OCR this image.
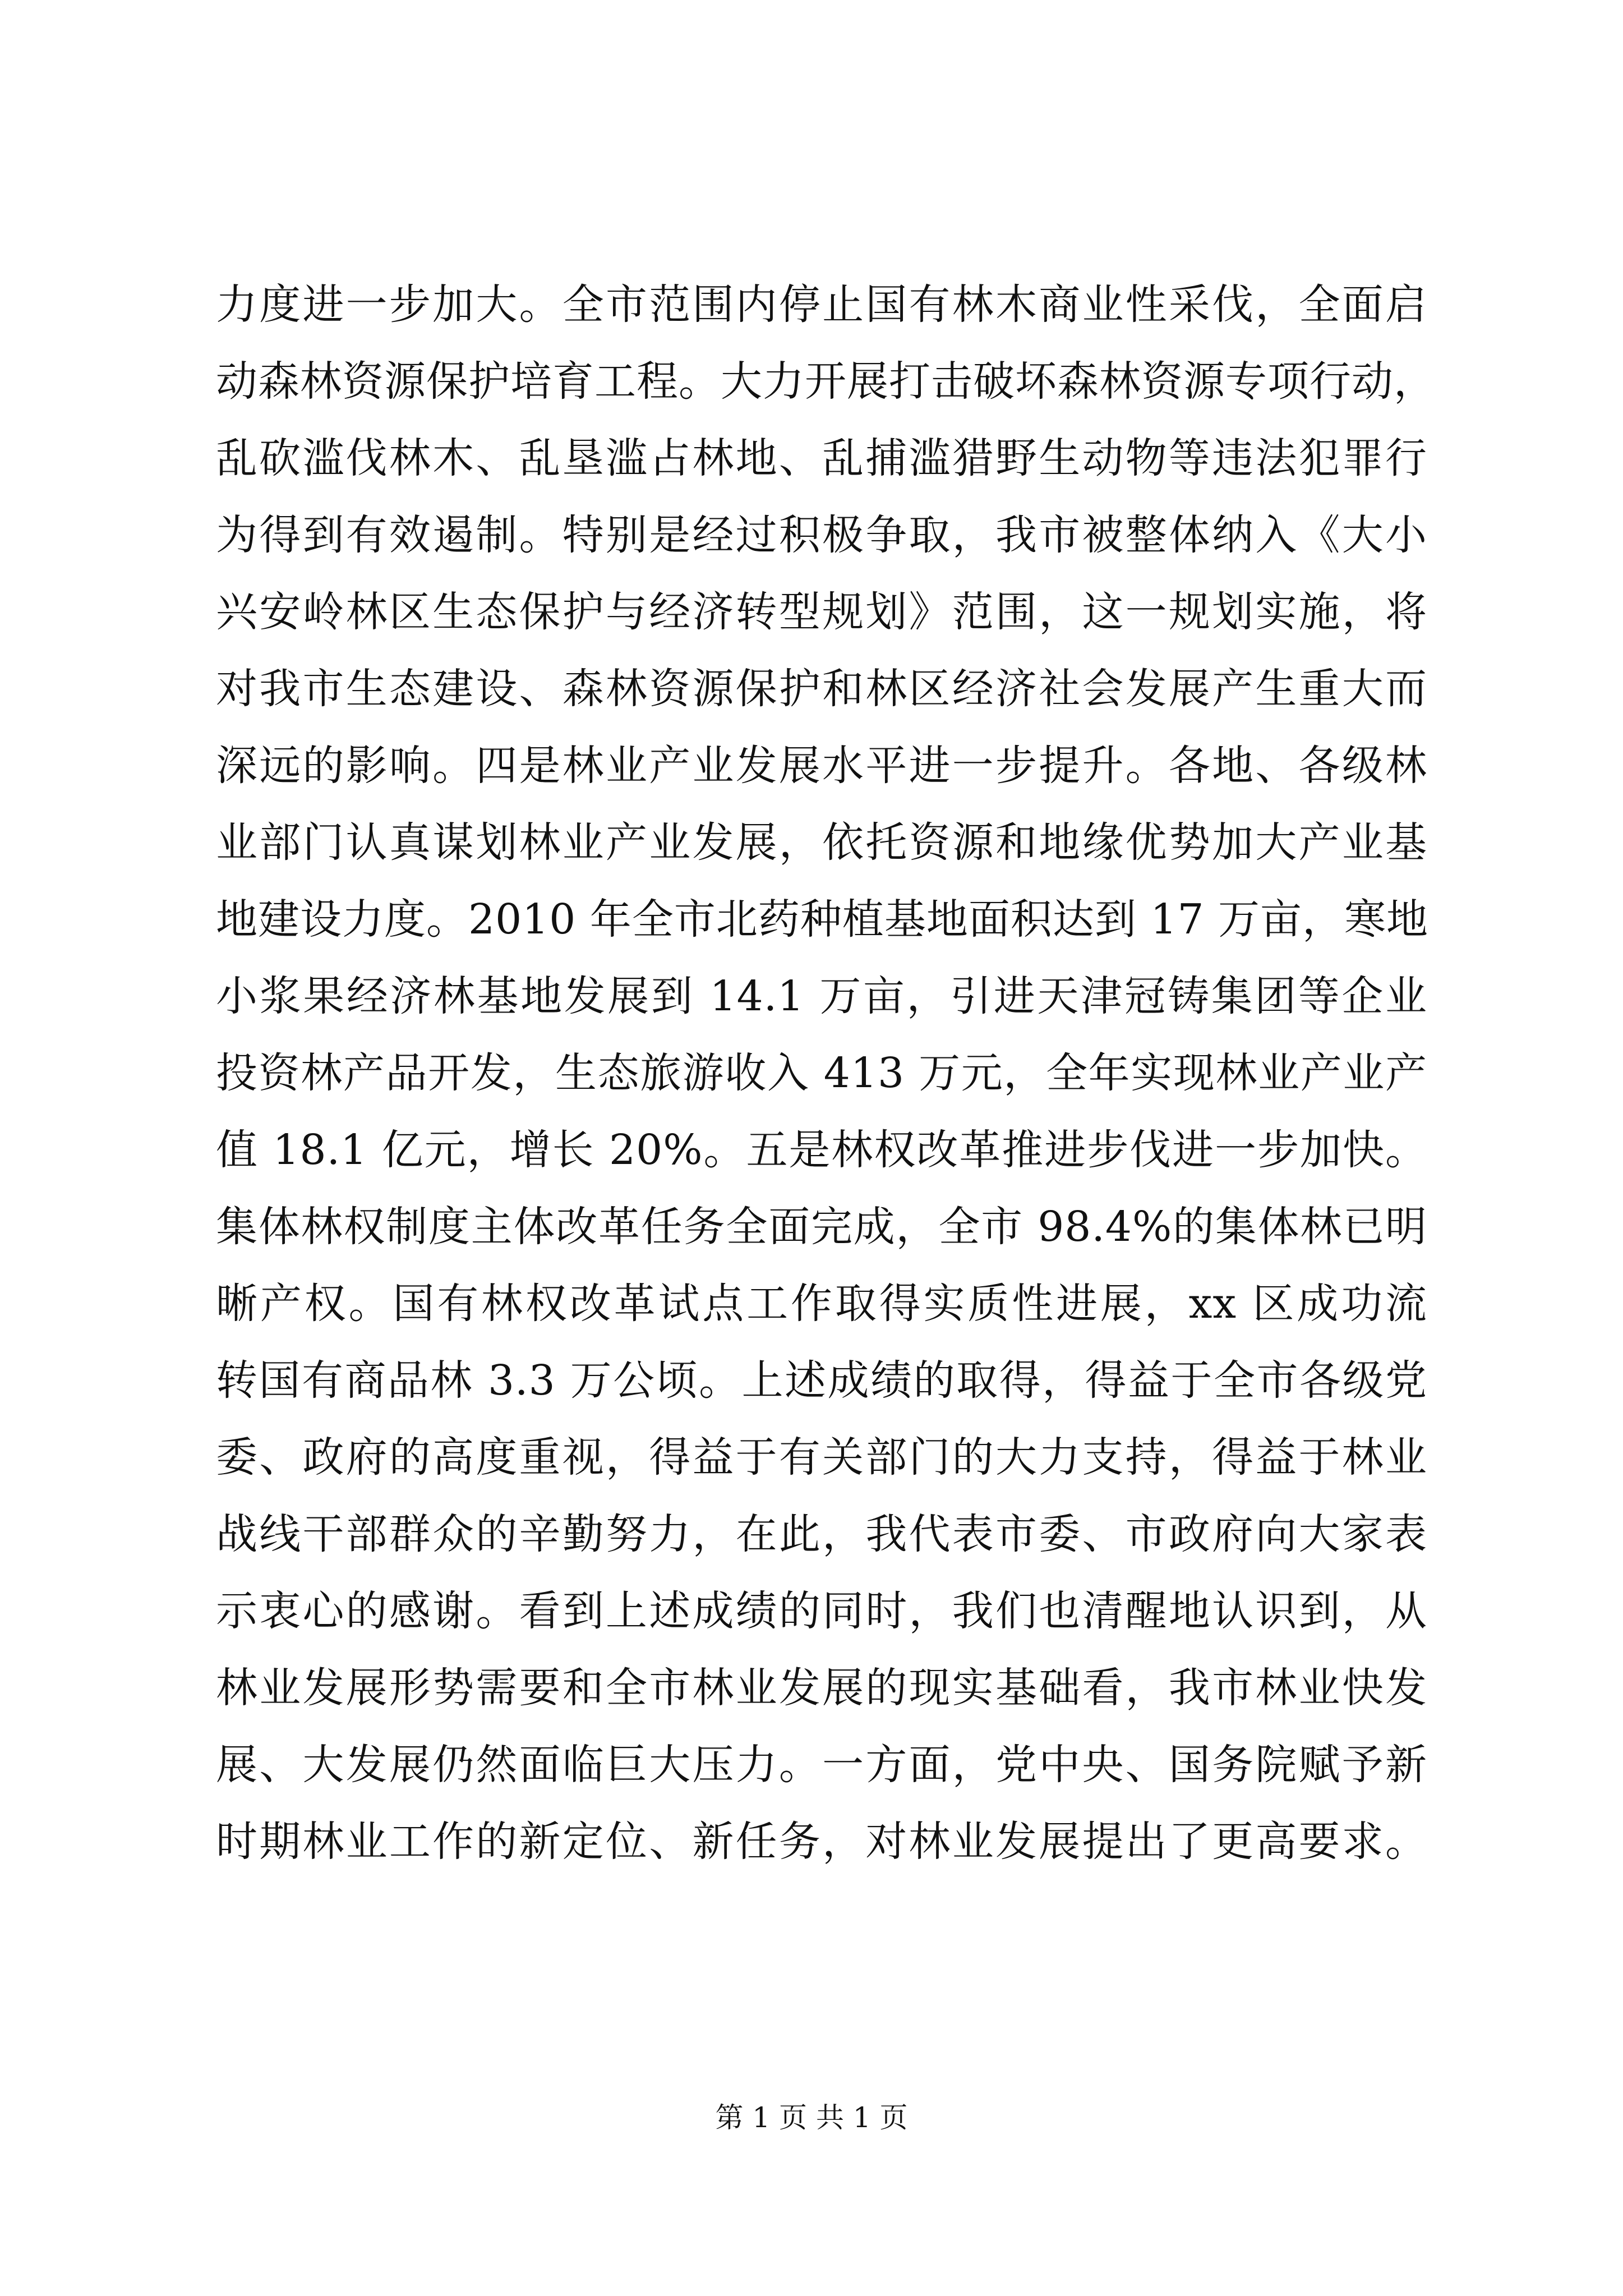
力度进一步加大。全市范围内停止国有林木商业性采伐，全面启
动森林资源保护培育工程。大力开展打击破坏森林资源专项行动，
乱砍滥伐林木、乱垦滥占林地、乱捕滥猎野生动物等违法犯罪行
为得到有效遏制。特别是经过积极争取，我市被整体纳入《大小
兴安岭林区生态保护与经济转型规划》范围，这一规划实施，将
对我市生态建设、森林资源保护和林区经济社会发展产生重大而
深远的影响。四是林业产业发展水平进一步提升。各地、各级林
业部门认真谋划林业产业发展，依托资源和地缘优势加大产业基
地建设力度。2010 年全市北药种植基地面积达到 17 万亩，寒地
小浆果经济林基地发展到 14.1 万亩，引进天津冠铸集团等企业
投资林产品开发，生态旅游收入 413 万元，全年实现林业产业产
值 18.1 亿元，增长 20%。五是林权改革推进步伐进一步加快。
集体林权制度主体改革任务全面完成，全市 98.4%的集体林已明
晰产权。国有林权改革试点工作取得实质性进展，xx 区成功流
转国有商品林 3.3 万公顷。上述成绩的取得，得益于全市各级党
委、政府的高度重视，得益于有关部门的大力支持，得益于林业
战线干部群众的辛勤努力，在此，我代表市委、市政府向大家表
示衷心的感谢。看到上述成绩的同时，我们也清醒地认识到，从
林业发展形势需要和全市林业发展的现实基础看，我市林业快发
展、大发展仍然面临巨大压力。一方面，党中央、国务院赋予新
时期林业工作的新定位、新任务，对林业发展提出了更高要求。
第 1 页 共 1 页
